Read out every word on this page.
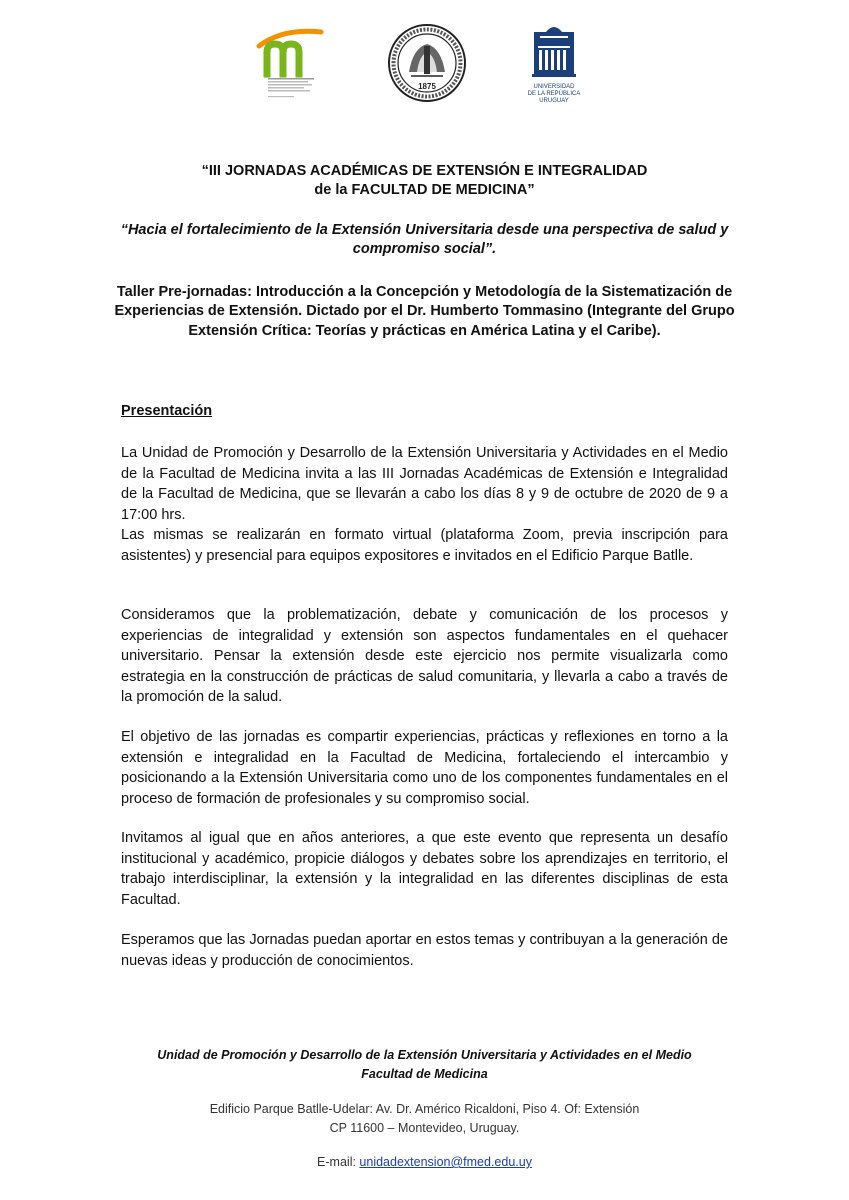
1875	UNIVERSIDAD
DE LA REPÚBLICA
URUGUAY
“III JORNADAS ACADÉMICAS DE EXTENSIÓN E INTEGRALIDAD
de la FACULTAD DE MEDICINA”
“Hacia el fortalecimiento de la Extensión Universitaria desde una perspectiva de salud y compromiso social”.
Taller Pre-jornadas: Introducción a la Concepción y Metodología de la Sistematización de Experiencias de Extensión. Dictado por el Dr. Humberto Tommasino (Integrante del Grupo Extensión Crítica: Teorías y prácticas en América Latina y el Caribe).
Presentación

La Unidad de Promoción y Desarrollo de la Extensión Universitaria y Actividades en el Medio de la Facultad de Medicina invita a las III Jornadas Académicas de Extensión e Integralidad de la Facultad de Medicina, que se llevarán a cabo los días 8 y 9 de octubre de 2020 de 9 a 17:00 hrs.

Las mismas se realizarán en formato virtual (plataforma Zoom, previa inscripción para asistentes) y presencial para equipos expositores e invitados en el Edificio Parque Batlle.

Consideramos que la problematización, debate y comunicación de los procesos y experiencias de integralidad y extensión son aspectos fundamentales en el quehacer universitario. Pensar la extensión desde este ejercicio nos permite visualizarla como estrategia en la construcción de prácticas de salud comunitaria, y llevarla a cabo a través de la promoción de la salud.

El objetivo de las jornadas es compartir experiencias, prácticas y reflexiones en torno a la extensión e integralidad en la Facultad de Medicina, fortaleciendo el intercambio y posicionando a la Extensión Universitaria como uno de los componentes fundamentales en el proceso de formación de profesionales y su compromiso social.

Invitamos al igual que en años anteriores, a que este evento que representa un desafío institucional y académico, propicie diálogos y debates sobre los aprendizajes en territorio, el trabajo interdisciplinar, la extensión y la integralidad en las diferentes disciplinas de esta Facultad.

Esperamos que las Jornadas puedan aportar en estos temas y contribuyan a la generación de nuevas ideas y producción de conocimientos.

Unidad de Promoción y Desarrollo de la Extensión Universitaria y Actividades en el Medio
Facultad de Medicina
Edificio Parque Batlle-Udelar: Av. Dr. Américo Ricaldoni, Piso 4. Of: Extensión
CP 11600 – Montevideo, Uruguay.
E-mail: unidadextension@fmed.edu.uy
